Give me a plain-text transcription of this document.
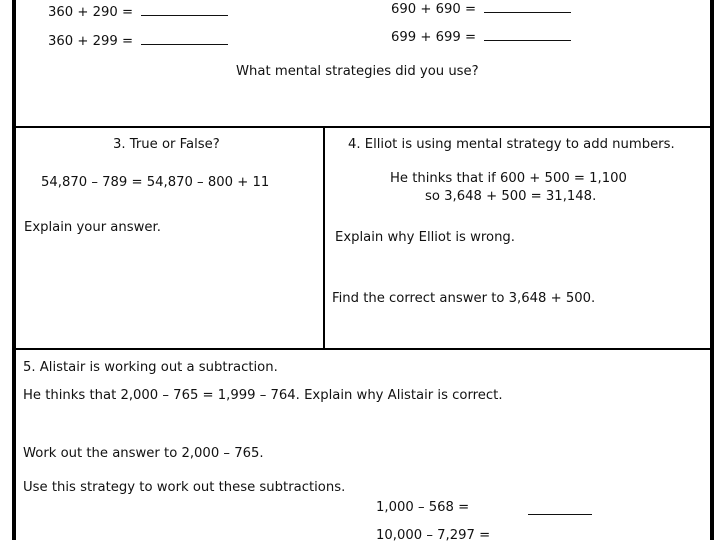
360 + 290 =
360 + 299 =
690 + 690 =
699 + 699 =
What mental strategies did you use?
3. True or False?
54,870 – 789 = 54,870 – 800 + 11
Explain your answer.
4. Elliot is using mental strategy to add numbers.
He thinks that if 600 + 500 = 1,100
so 3,648 + 500 = 31,148.
Explain why Elliot is wrong.
Find the correct answer to 3,648 + 500.
5. Alistair is working out a subtraction.
He thinks that 2,000 – 765 = 1,999 – 764. Explain why Alistair is correct.
Work out the answer to 2,000 – 765.
Use this strategy to work out these subtractions.
1,000 – 568 =
10,000 – 7,297 =
